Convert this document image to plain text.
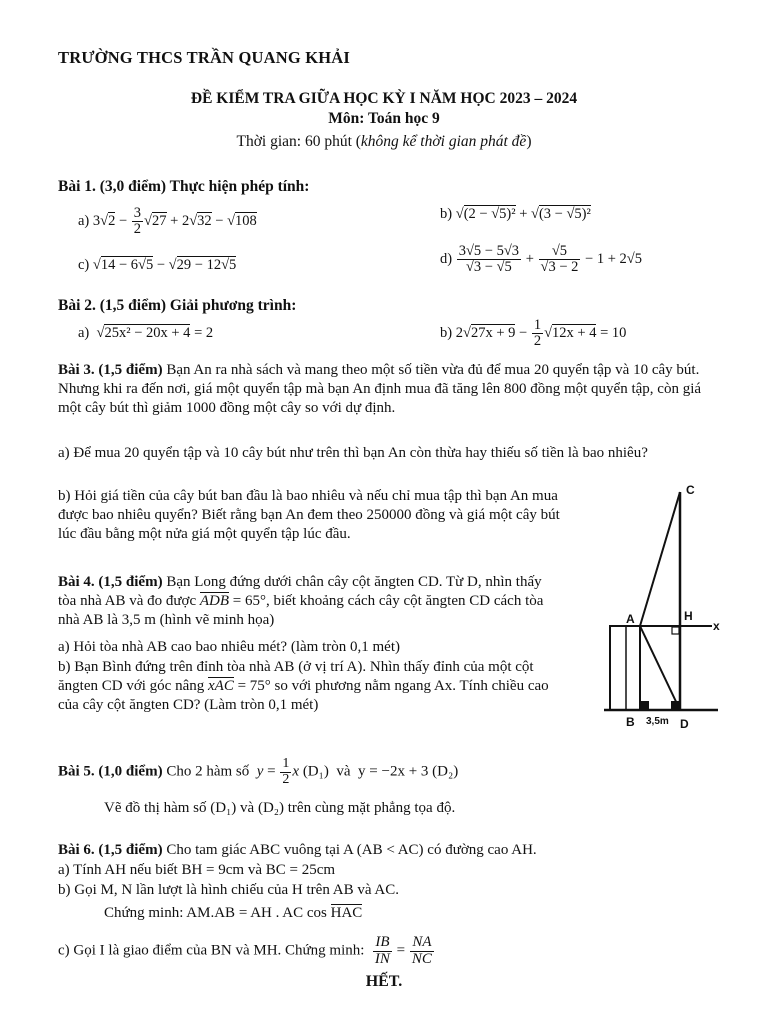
TRƯỜNG THCS TRẦN QUANG KHẢI
ĐỀ KIỂM TRA GIỮA HỌC KỲ I NĂM HỌC 2023 – 2024
Môn: Toán học 9
Thời gian: 60 phút (không kể thời gian phát đề)
Bài 1. (3,0 điểm) Thực hiện phép tính:
a) $3√2 - \frac{3}{2} √27 + 2√32 - √108$	b) √(2 − √5)² + √(3 − √5)²
c) √14 − 6√5 − √29 − 12√5	$d) \frac{3√5 - 5√3}{√3 - √5} + \frac{√5}{√3 - 2} - 1 + 2√5$
Bài 2. (1,5 điểm) Giải phương trình:
a)  √25x² − 20x + 4 = 2	b) $2√27x + 9 - \frac{1}{2} √12x + 4 = 10$
Bài 3. (1,5 điểm) Bạn An ra nhà sách và mang theo một số tiền vừa đủ để mua 20 quyển tập và 10 cây bút. Nhưng khi ra đến nơi, giá một quyển tập mà bạn An định mua đã tăng lên 800 đồng một quyển tập, còn giá một cây bút thì giảm 1000 đồng một cây so với dự định.
a) Để mua 20 quyển tập và 10 cây bút như trên thì bạn An còn thừa hay thiếu số tiền là bao nhiêu?
b) Hỏi giá tiền của cây bút ban đầu là bao nhiêu và nếu chỉ mua tập thì bạn An mua được bao nhiêu quyển? Biết rằng bạn An đem theo 250000 đồng và giá một cây bút lúc đầu bằng một nửa giá một quyển tập lúc đầu.
Bài 4. (1,5 điểm) Bạn Long đứng dưới chân cây cột ăngten CD. Từ D, nhìn thấy tòa nhà AB và đo được ADB = 65°, biết khoảng cách cây cột ăngten CD cách tòa nhà AB là 3,5 m (hình vẽ minh họa)
a) Hỏi tòa nhà AB cao bao nhiêu mét? (làm tròn 0,1 mét)
b) Bạn Bình đứng trên đỉnh tòa nhà AB (ở vị trí A). Nhìn thấy đỉnh của một cột ăngten CD với góc nâng xAC = 75° so với phương nằm ngang Ax. Tính chiều cao của cây cột ăngten CD? (Làm tròn 0,1 mét)
C
A	H
x
B 3,5m D
Bài 5. (1,0 điểm) Cho 2 hàm số $y = \frac{1}{2}$ x (D₁) và y = −2x + 3 (D₂)
Vẽ đồ thị hàm số (D₁) và (D₂) trên cùng mặt phẳng tọa độ.
Bài 6. (1,5 điểm) Cho tam giác ABC vuông tại A (AB < AC) có đường cao AH.
a) Tính AH nếu biết BH = 9cm và BC = 25cm
b) Gọi M, N lần lượt là hình chiếu của H trên AB và AC.
Chứng minh: AM.AB = AH . AC cos HAC
c) Gọi I là giao điểm của BN và MH. Chứng minh: $\frac{IB}{IN} = \frac{NA}{NC}$
HẾT.
